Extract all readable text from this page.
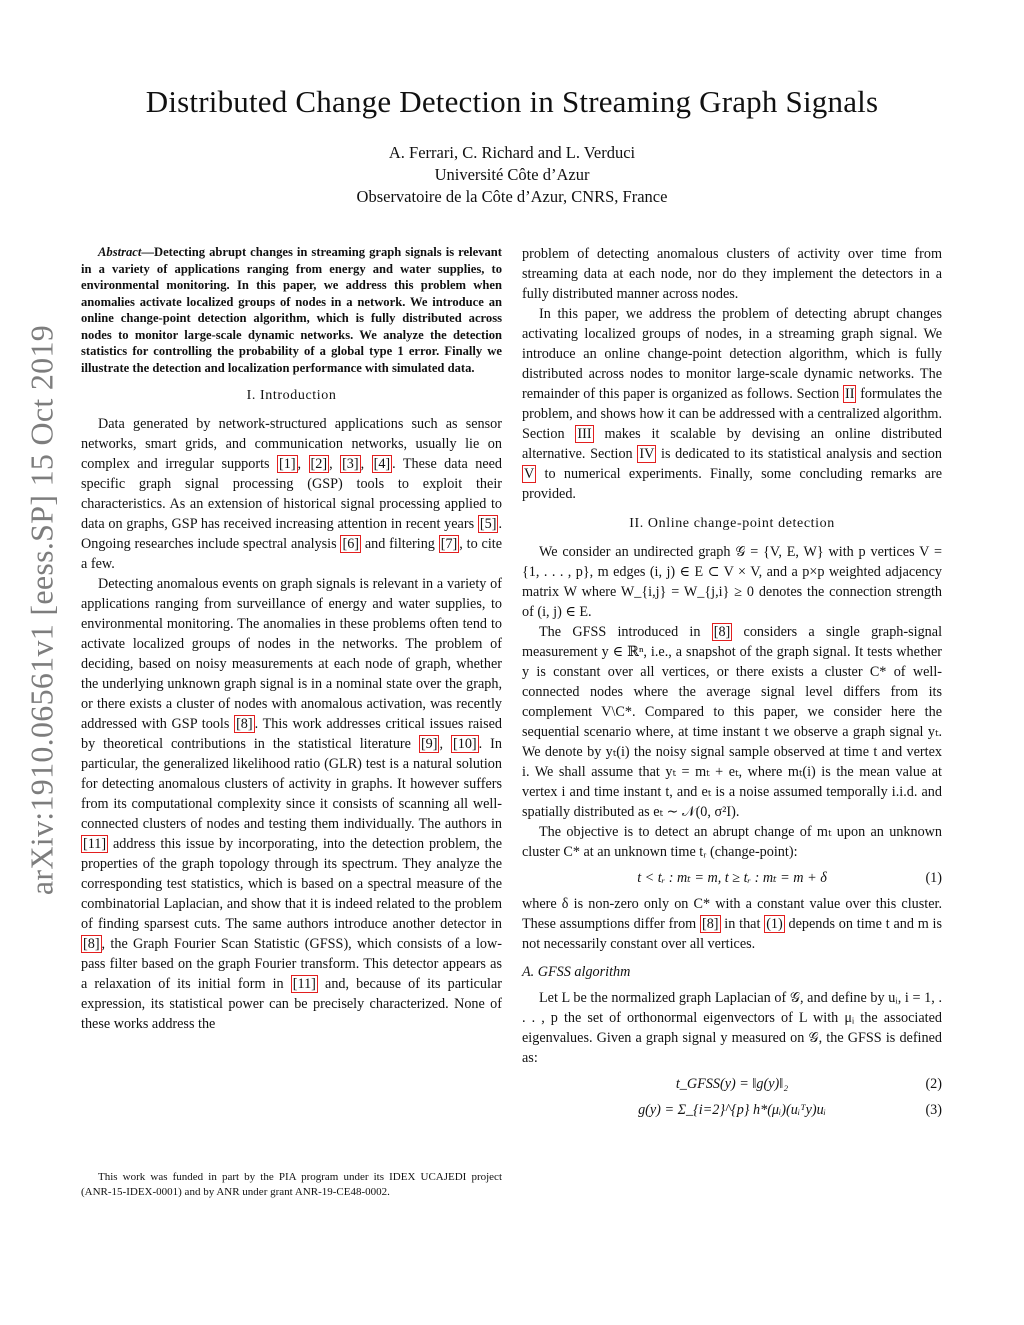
arXiv:1910.06561v1 [eess.SP] 15 Oct 2019
Distributed Change Detection in Streaming Graph Signals
A. Ferrari, C. Richard and L. Verduci
Université Côte d’Azur
Observatoire de la Côte d’Azur, CNRS, France

Abstract—Detecting abrupt changes in streaming graph signals is relevant in a variety of applications ranging from energy and water supplies, to environmental monitoring. In this paper, we address this problem when anomalies activate localized groups of nodes in a network. We introduce an online change-point detection algorithm, which is fully distributed across nodes to monitor large-scale dynamic networks. We analyze the detection statistics for controlling the probability of a global type 1 error. Finally we illustrate the detection and localization performance with simulated data.

I. Introduction

Data generated by network-structured applications such as sensor networks, smart grids, and communication networks, usually lie on complex and irregular supports [1] , [2] , [3] , [4] . These data need specific graph signal processing (GSP) tools to exploit their characteristics. As an extension of historical signal processing applied to data on graphs, GSP has received increasing attention in recent years [5] . Ongoing researches include spectral analysis [6] and filtering [7] , to cite a few.

Detecting anomalous events on graph signals is relevant in a variety of applications ranging from surveillance of energy and water supplies, to environmental monitoring. The anomalies in these problems often tend to activate localized groups of nodes in the networks. The problem of deciding, based on noisy measurements at each node of graph, whether the underlying unknown graph signal is in a nominal state over the graph, or there exists a cluster of nodes with anomalous activation, was recently addressed with GSP tools [8] . This work addresses critical issues raised by theoretical contributions in the statistical literature [9] , [10] . In particular, the generalized likelihood ratio (GLR) test is a natural solution for detecting anomalous clusters of activity in graphs. It however suffers from its computational complexity since it consists of scanning all well-connected clusters of nodes and testing them individually. The authors in [11] address this issue by incorporating, into the detection problem, the properties of the graph topology through its spectrum. They analyze the corresponding test statistics, which is based on a spectral measure of the combinatorial Laplacian, and show that it is indeed related to the problem of finding sparsest cuts. The same authors introduce another detector in [8] , the Graph Fourier Scan Statistic (GFSS), which consists of a low-pass filter based on the graph Fourier transform. This detector appears as a relaxation of its initial form in [11] and, because of its particular expression, its statistical power can be precisely characterized. None of these works address the

This work was funded in part by the PIA program under its IDEX UCAJEDI project (ANR-15-IDEX-0001) and by ANR under grant ANR-19-CE48-0002.

problem of detecting anomalous clusters of activity over time from streaming data at each node, nor do they implement the detectors in a fully distributed manner across nodes.

In this paper, we address the problem of detecting abrupt changes activating localized groups of nodes, in a streaming graph signal. We introduce an online change-point detection algorithm, which is fully distributed across nodes to monitor large-scale dynamic networks. The remainder of this paper is organized as follows. Section II formulates the problem, and shows how it can be addressed with a centralized algorithm. Section III makes it scalable by devising an online distributed alternative. Section IV is dedicated to its statistical analysis and section V to numerical experiments. Finally, some concluding remarks are provided.

II. Online change-point detection

We consider an undirected graph 𝒢 = {V, E, W} with p vertices V = {1, . . . , p}, m edges (i, j) ∈ E ⊂ V × V, and a p×p weighted adjacency matrix W where W_{i,j} = W_{j,i} ≥ 0 denotes the connection strength of (i, j) ∈ E.

The GFSS introduced in [8] considers a single graph-signal measurement y ∈ ℝⁿ, i.e., a snapshot of the graph signal. It tests whether y is constant over all vertices, or there exists a cluster C* of well-connected nodes where the average signal level differs from its complement V\C*. Compared to this paper, we consider here the sequential scenario where, at time instant t we observe a graph signal yₜ. We denote by yₜ(i) the noisy signal sample observed at time t and vertex i. We shall assume that yₜ = mₜ + eₜ, where mₜ(i) is the mean value at vertex i and time instant t, and eₜ is a noise assumed temporally i.i.d. and spatially distributed as eₜ ∼ 𝒩(0, σ²I).

The objective is to detect an abrupt change of mₜ upon an unknown cluster C* at an unknown time tᵣ (change-point):

t < tᵣ : mₜ = m, t ≥ tᵣ : mₜ = m + δ	(1)

where δ is non-zero only on C* with a constant value over this cluster. These assumptions differ from [8] in that (1) depends on time t and m is not necessarily constant over all vertices.

A. GFSS algorithm

Let L be the normalized graph Laplacian of 𝒢, and define by uᵢ, i = 1, . . . , p the set of orthonormal eigenvectors of L with μᵢ the associated eigenvalues. Given a graph signal y measured on 𝒢, the GFSS is defined as:

t_GFSS(y) = ‖g(y)‖₂	(2)
g(y) = Σ_{i=2}^{p} h*(μᵢ)(uᵢᵀy)uᵢ	(3)
